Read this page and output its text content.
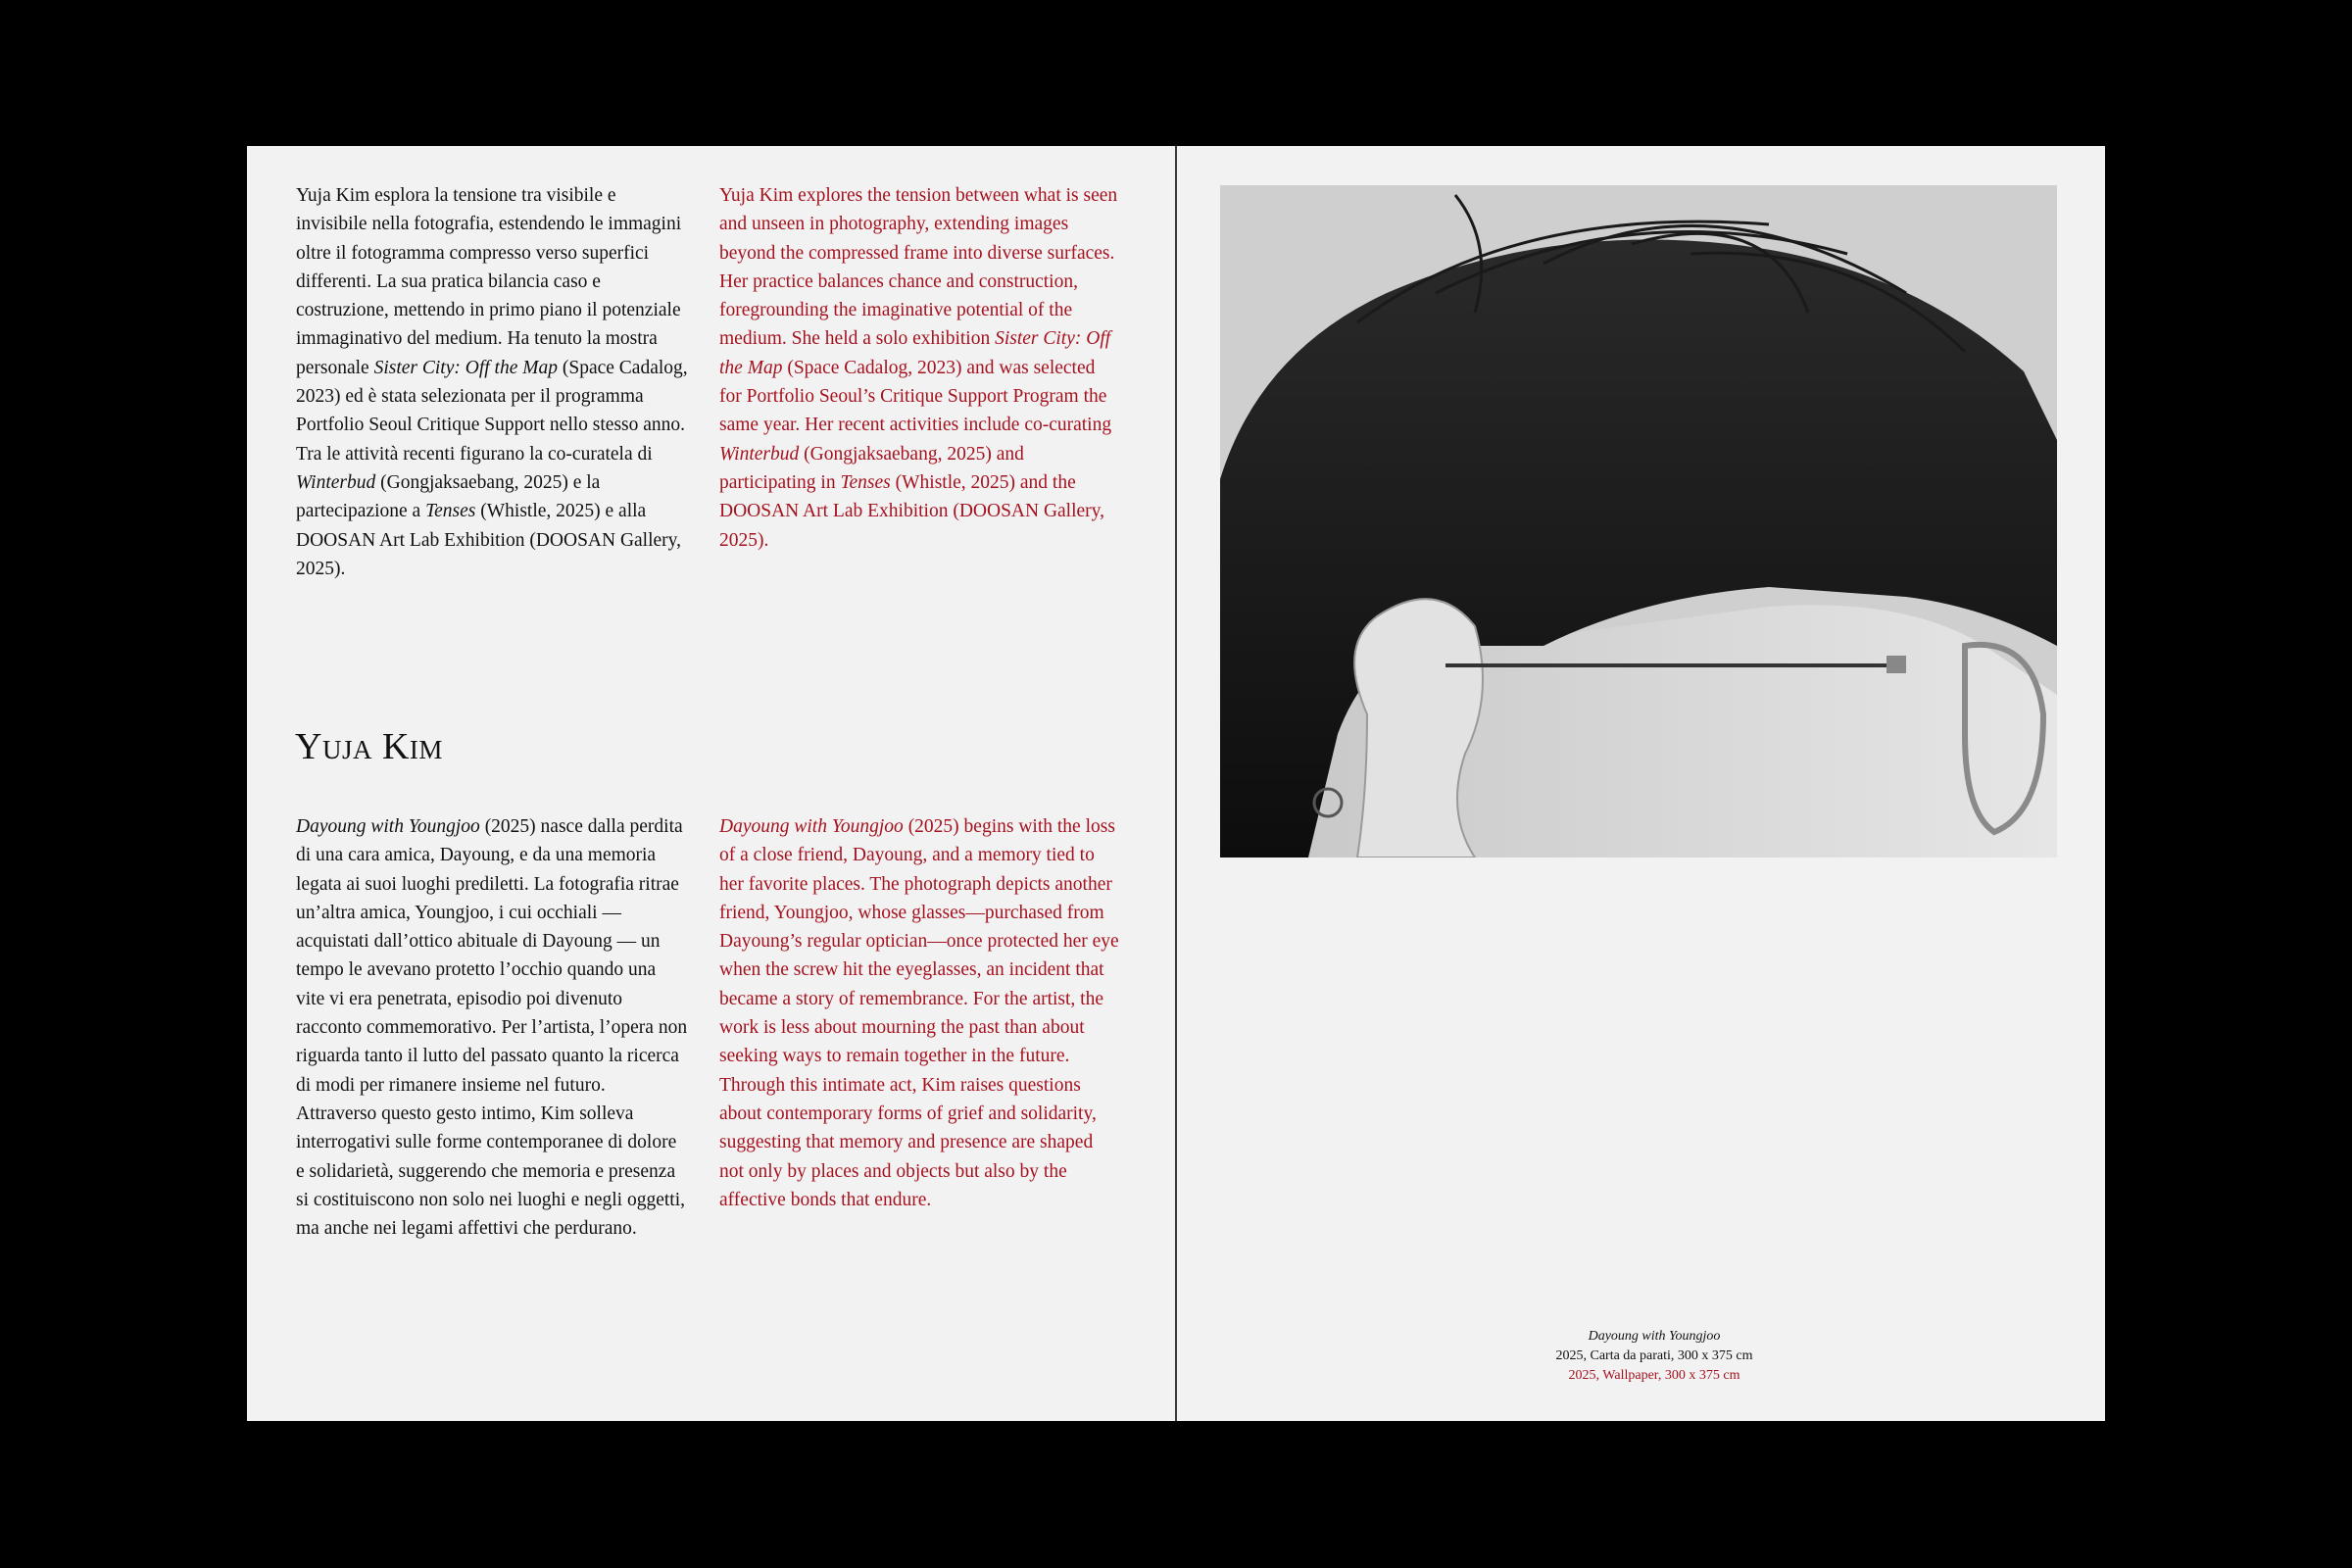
Yuja Kim esplora la tensione tra visibile e invisibile nella fotografia, estendendo le immagini oltre il fotogramma compresso verso superfici differenti. La sua pratica bilancia caso e costruzione, mettendo in primo piano il potenziale immaginativo del medium. Ha tenuto la mostra personale Sister City: Off the Map (Space Cadalog, 2023) ed è stata selezionata per il programma Portfolio Seoul Critique Support nello stesso anno. Tra le attività recenti figurano la co-curatela di Winterbud (Gongjaksaebang, 2025) e la partecipazione a Tenses (Whistle, 2025) e alla DOOSAN Art Lab Exhibition (DOOSAN Gallery, 2025).

Yuja Kim explores the tension between what is seen and unseen in photography, extending images beyond the compressed frame into diverse surfaces. Her practice balances chance and construction, foregrounding the imaginative potential of the medium. She held a solo exhibition Sister City: Off the Map (Space Cadalog, 2023) and was selected for Portfolio Seoul’s Critique Support Program the same year. Her recent activities include co-curating Winterbud (Gongjaksaebang, 2025) and participating in Tenses (Whistle, 2025) and the DOOSAN Art Lab Exhibition (DOOSAN Gallery, 2025).

Yuja Kim

Dayoung with Youngjoo (2025) nasce dalla perdita di una cara amica, Dayoung, e da una memoria legata ai suoi luoghi prediletti. La fotografia ritrae un’altra amica, Youngjoo, i cui occhiali — acquistati dall’ottico abituale di Dayoung — un tempo le avevano protetto l’occhio quando una vite vi era penetrata, episodio poi divenuto racconto commemorativo. Per l’artista, l’opera non riguarda tanto il lutto del passato quanto la ricerca di modi per rimanere insieme nel futuro. Attraverso questo gesto intimo, Kim solleva interrogativi sulle forme contemporanee di dolore e solidarietà, suggerendo che memoria e presenza si costituiscono non solo nei luoghi e negli oggetti, ma anche nei legami affettivi che perdurano.

Dayoung with Youngjoo (2025) begins with the loss of a close friend, Dayoung, and a memory tied to her favorite places. The photograph depicts another friend, Youngjoo, whose glasses—purchased from Dayoung’s regular optician—once protected her eye when the screw hit the eyeglasses, an incident that became a story of remembrance. For the artist, the work is less about mourning the past than about seeking ways to remain together in the future. Through this intimate act, Kim raises questions about contemporary forms of grief and solidarity, suggesting that memory and presence are shaped not only by places and objects but also by the affective bonds that endure.

Dayoung with Youngjoo
2025, Carta da parati, 300 x 375 cm
2025, Wallpaper, 300 x 375 cm
